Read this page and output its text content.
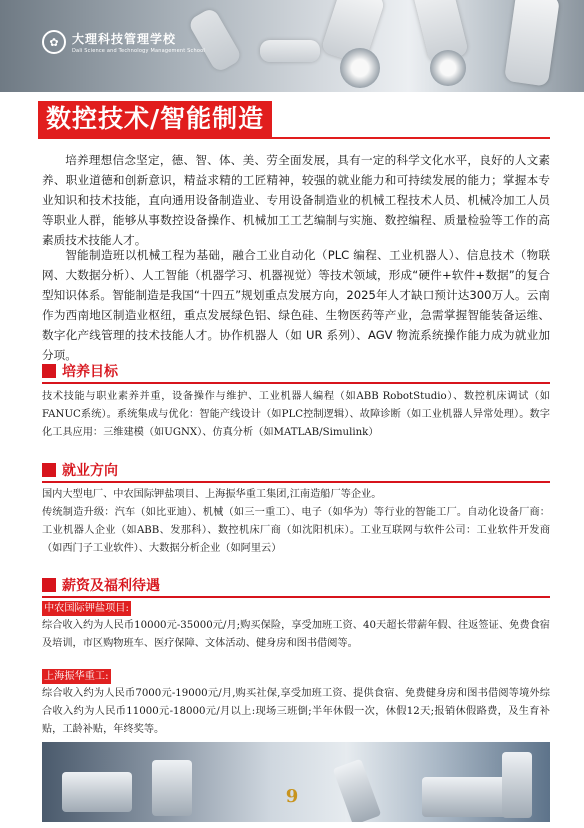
✿	大理科技管理学校
Dali Science and Technology Management School
数控技术/智能制造

培养理想信念坚定，德、智、体、美、劳全面发展，具有一定的科学文化水平，良好的人文素养、职业道德和创新意识，精益求精的工匠精神，较强的就业能力和可持续发展的能力；掌握本专业知识和技术技能，直向通用设备制造业、专用设备制造业的机械工程技术人员、机械冷加工人员等职业人群，能够从事数控设备操作、机械加工工艺编制与实施、数控编程、质量检验等工作的高素质技术技能人才。

智能制造班以机械工程为基础，融合工业自动化（PLC 编程、工业机器人）、信息技术（物联网、大数据分析）、人工智能（机器学习、机器视觉）等技术领域，形成“硬件+软件+数据”的复合型知识体系。智能制造是我国“十四五”规划重点发展方向，2025年人才缺口预计达300万人。云南作为西南地区制造业枢纽，重点发展绿色铝、绿色硅、生物医药等产业，急需掌握智能装备运维、数字化产线管理的技术技能人才。协作机器人（如 UR 系列）、AGV 物流系统操作能力成为就业加分项。

培养目标

技术技能与职业素养并重，设备操作与维护、工业机器人编程（如ABB RobotStudio）、数控机床调试（如FANUC系统）。系统集成与优化：智能产线设计（如PLC控制逻辑）、故障诊断（如工业机器人异常处理）。数字化工具应用：三维建模（如UGNX）、仿真分析（如MATLAB/Simulink）

就业方向

国内大型电厂、中农国际钾盐项目、上海振华重工集团,江南造船厂等企业。

传统制造升级：汽车（如比亚迪）、机械（如三一重工）、电子（如华为）等行业的智能工厂。自动化设备厂商：工业机器人企业（如ABB、发那科）、数控机床厂商（如沈阳机床）。工业互联网与软件公司：工业软件开发商（如西门子工业软件）、大数据分析企业（如阿里云）

薪资及福利待遇
中农国际钾盐项目:

综合收入约为人民币10000元-35000元/月;购买保险，享受加班工资、40天超长带薪年假、往返签证、免费食宿及培训，市区购物班车、医疗保障、文体活动、健身房和图书借阅等。

上海振华重工:

综合收入约为人民币7000元-19000元/月,购买社保,享受加班工资、提供食宿、免费健身房和图书借阅等境外综合收入约为人民币11000元-18000元/月以上:现场三班倒;半年休假一次，休假12天;报销休假路费，及生育补贴，工龄补贴，年终奖等。

9
